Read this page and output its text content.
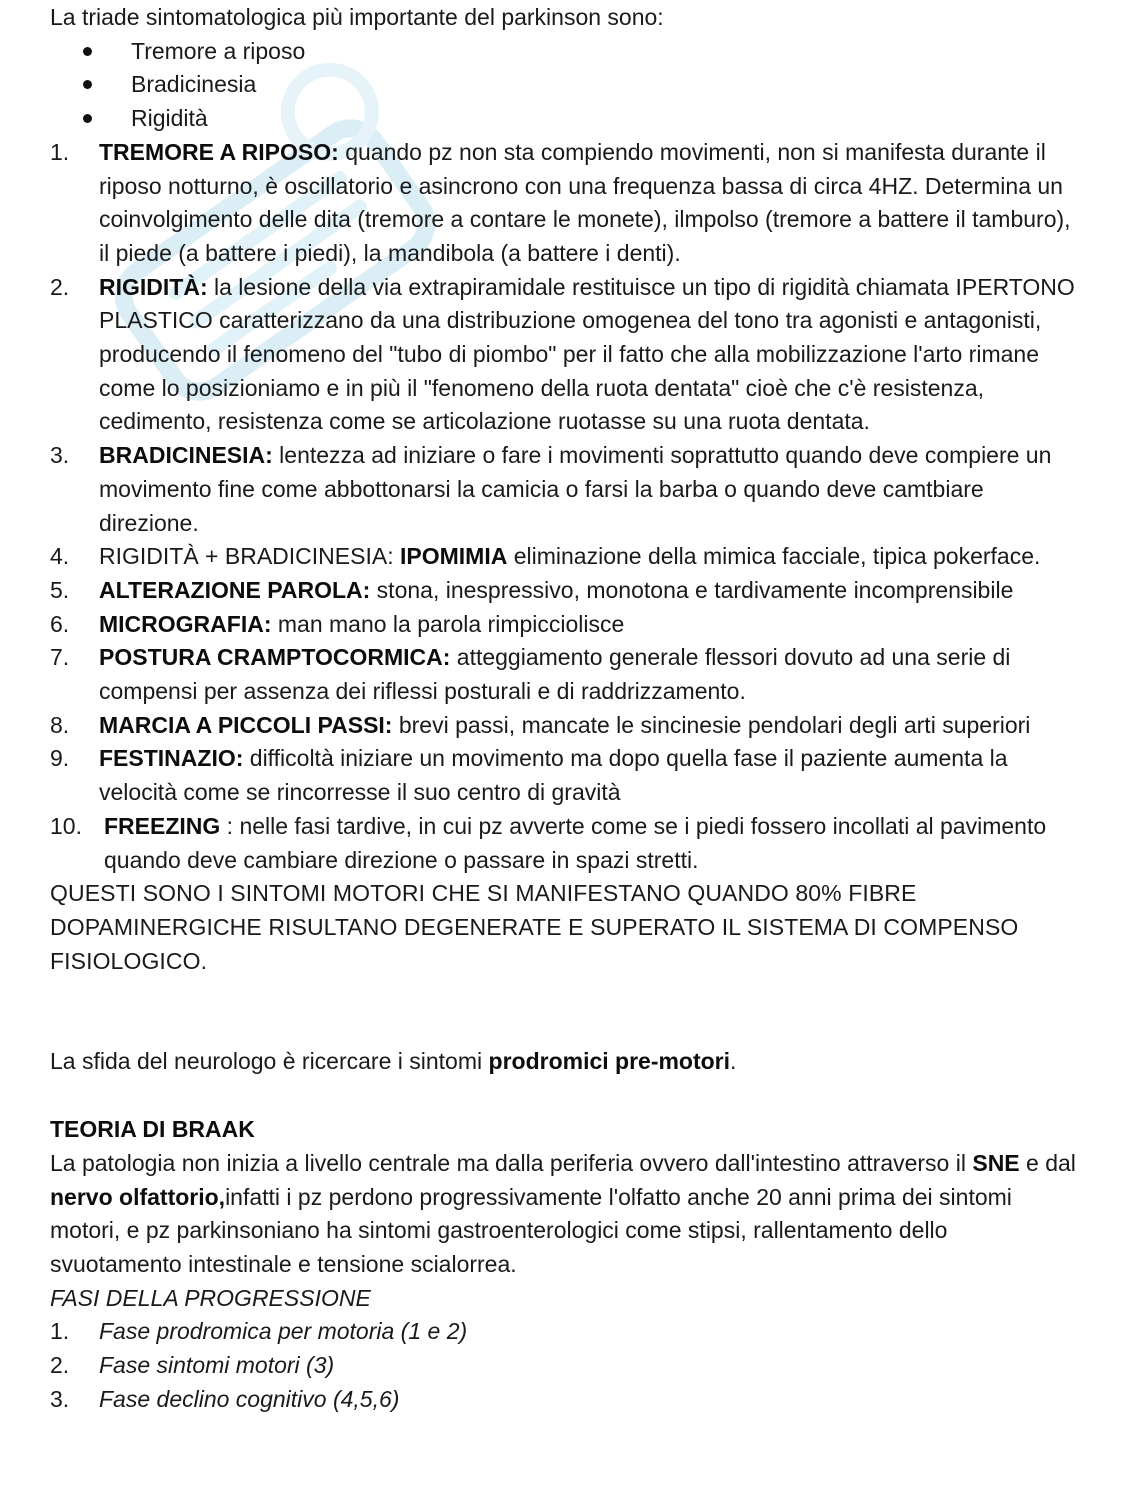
La triade sintomatologica più importante del parkinson sono:

Tremore a riposo
Bradicinesia
Rigidità
1. TREMORE A RIPOSO: quando pz non sta compiendo movimenti, non si manifesta durante il riposo notturno, è oscillatorio e asincrono con una frequenza bassa di circa 4HZ. Determina un coinvolgimento delle dita (tremore a contare le monete), ilmpolso (tremore a battere il tamburo), il piede (a battere i piedi), la mandibola (a battere i denti).
2. RIGIDITÀ: la lesione della via extrapiramidale restituisce un tipo di rigidità chiamata IPERTONO PLASTICO caratterizzano da una distribuzione omogenea del tono tra agonisti e antagonisti, producendo il fenomeno del "tubo di piombo" per il fatto che alla mobilizzazione l'arto rimane come lo posizioniamo e in più il "fenomeno della ruota dentata" cioè che c'è resistenza, cedimento, resistenza come se articolazione ruotasse su una ruota dentata.
3. BRADICINESIA: lentezza ad iniziare o fare i movimenti soprattutto quando deve compiere un movimento fine come abbottonarsi la camicia o farsi la barba o quando deve camtbiare direzione.
4. RIGIDITÀ + BRADICINESIA: IPOMIMIA eliminazione della mimica facciale, tipica pokerface.
5. ALTERAZIONE PAROLA: stona, inespressivo, monotona e tardivamente incomprensibile
6. MICROGRAFIA: man mano la parola rimpicciolisce
7. POSTURA CRAMPTOCORMICA: atteggiamento generale flessori dovuto ad una serie di compensi per assenza dei riflessi posturali e di raddrizzamento.
8. MARCIA A PICCOLI PASSI: brevi passi, mancate le sincinesie pendolari degli arti superiori
9. FESTINAZIO: difficoltà iniziare un movimento ma dopo quella fase il paziente aumenta la velocità come se rincorresse il suo centro di gravità
10. FREEZING : nelle fasi tardive, in cui pz avverte come se i piedi fossero incollati al pavimento quando deve cambiare direzione o passare in spazi stretti.

QUESTI SONO I SINTOMI MOTORI CHE SI MANIFESTANO QUANDO 80% FIBRE DOPAMINERGICHE RISULTANO DEGENERATE E SUPERATO IL SISTEMA DI COMPENSO FISIOLOGICO.

La sfida del neurologo è ricercare i sintomi prodromici pre-motori.

TEORIA DI BRAAK

La patologia non inizia a livello centrale ma dalla periferia ovvero dall'intestino attraverso il SNE e dal nervo olfattorio,infatti i pz perdono progressivamente l'olfatto anche 20 anni prima dei sintomi motori, e pz parkinsoniano ha sintomi gastroenterologici come stipsi, rallentamento dello svuotamento intestinale e tensione scialorrea.

FASI DELLA PROGRESSIONE

1. Fase prodromica per motoria (1 e 2)
2. Fase sintomi motori (3)
3. Fase declino cognitivo (4,5,6)
